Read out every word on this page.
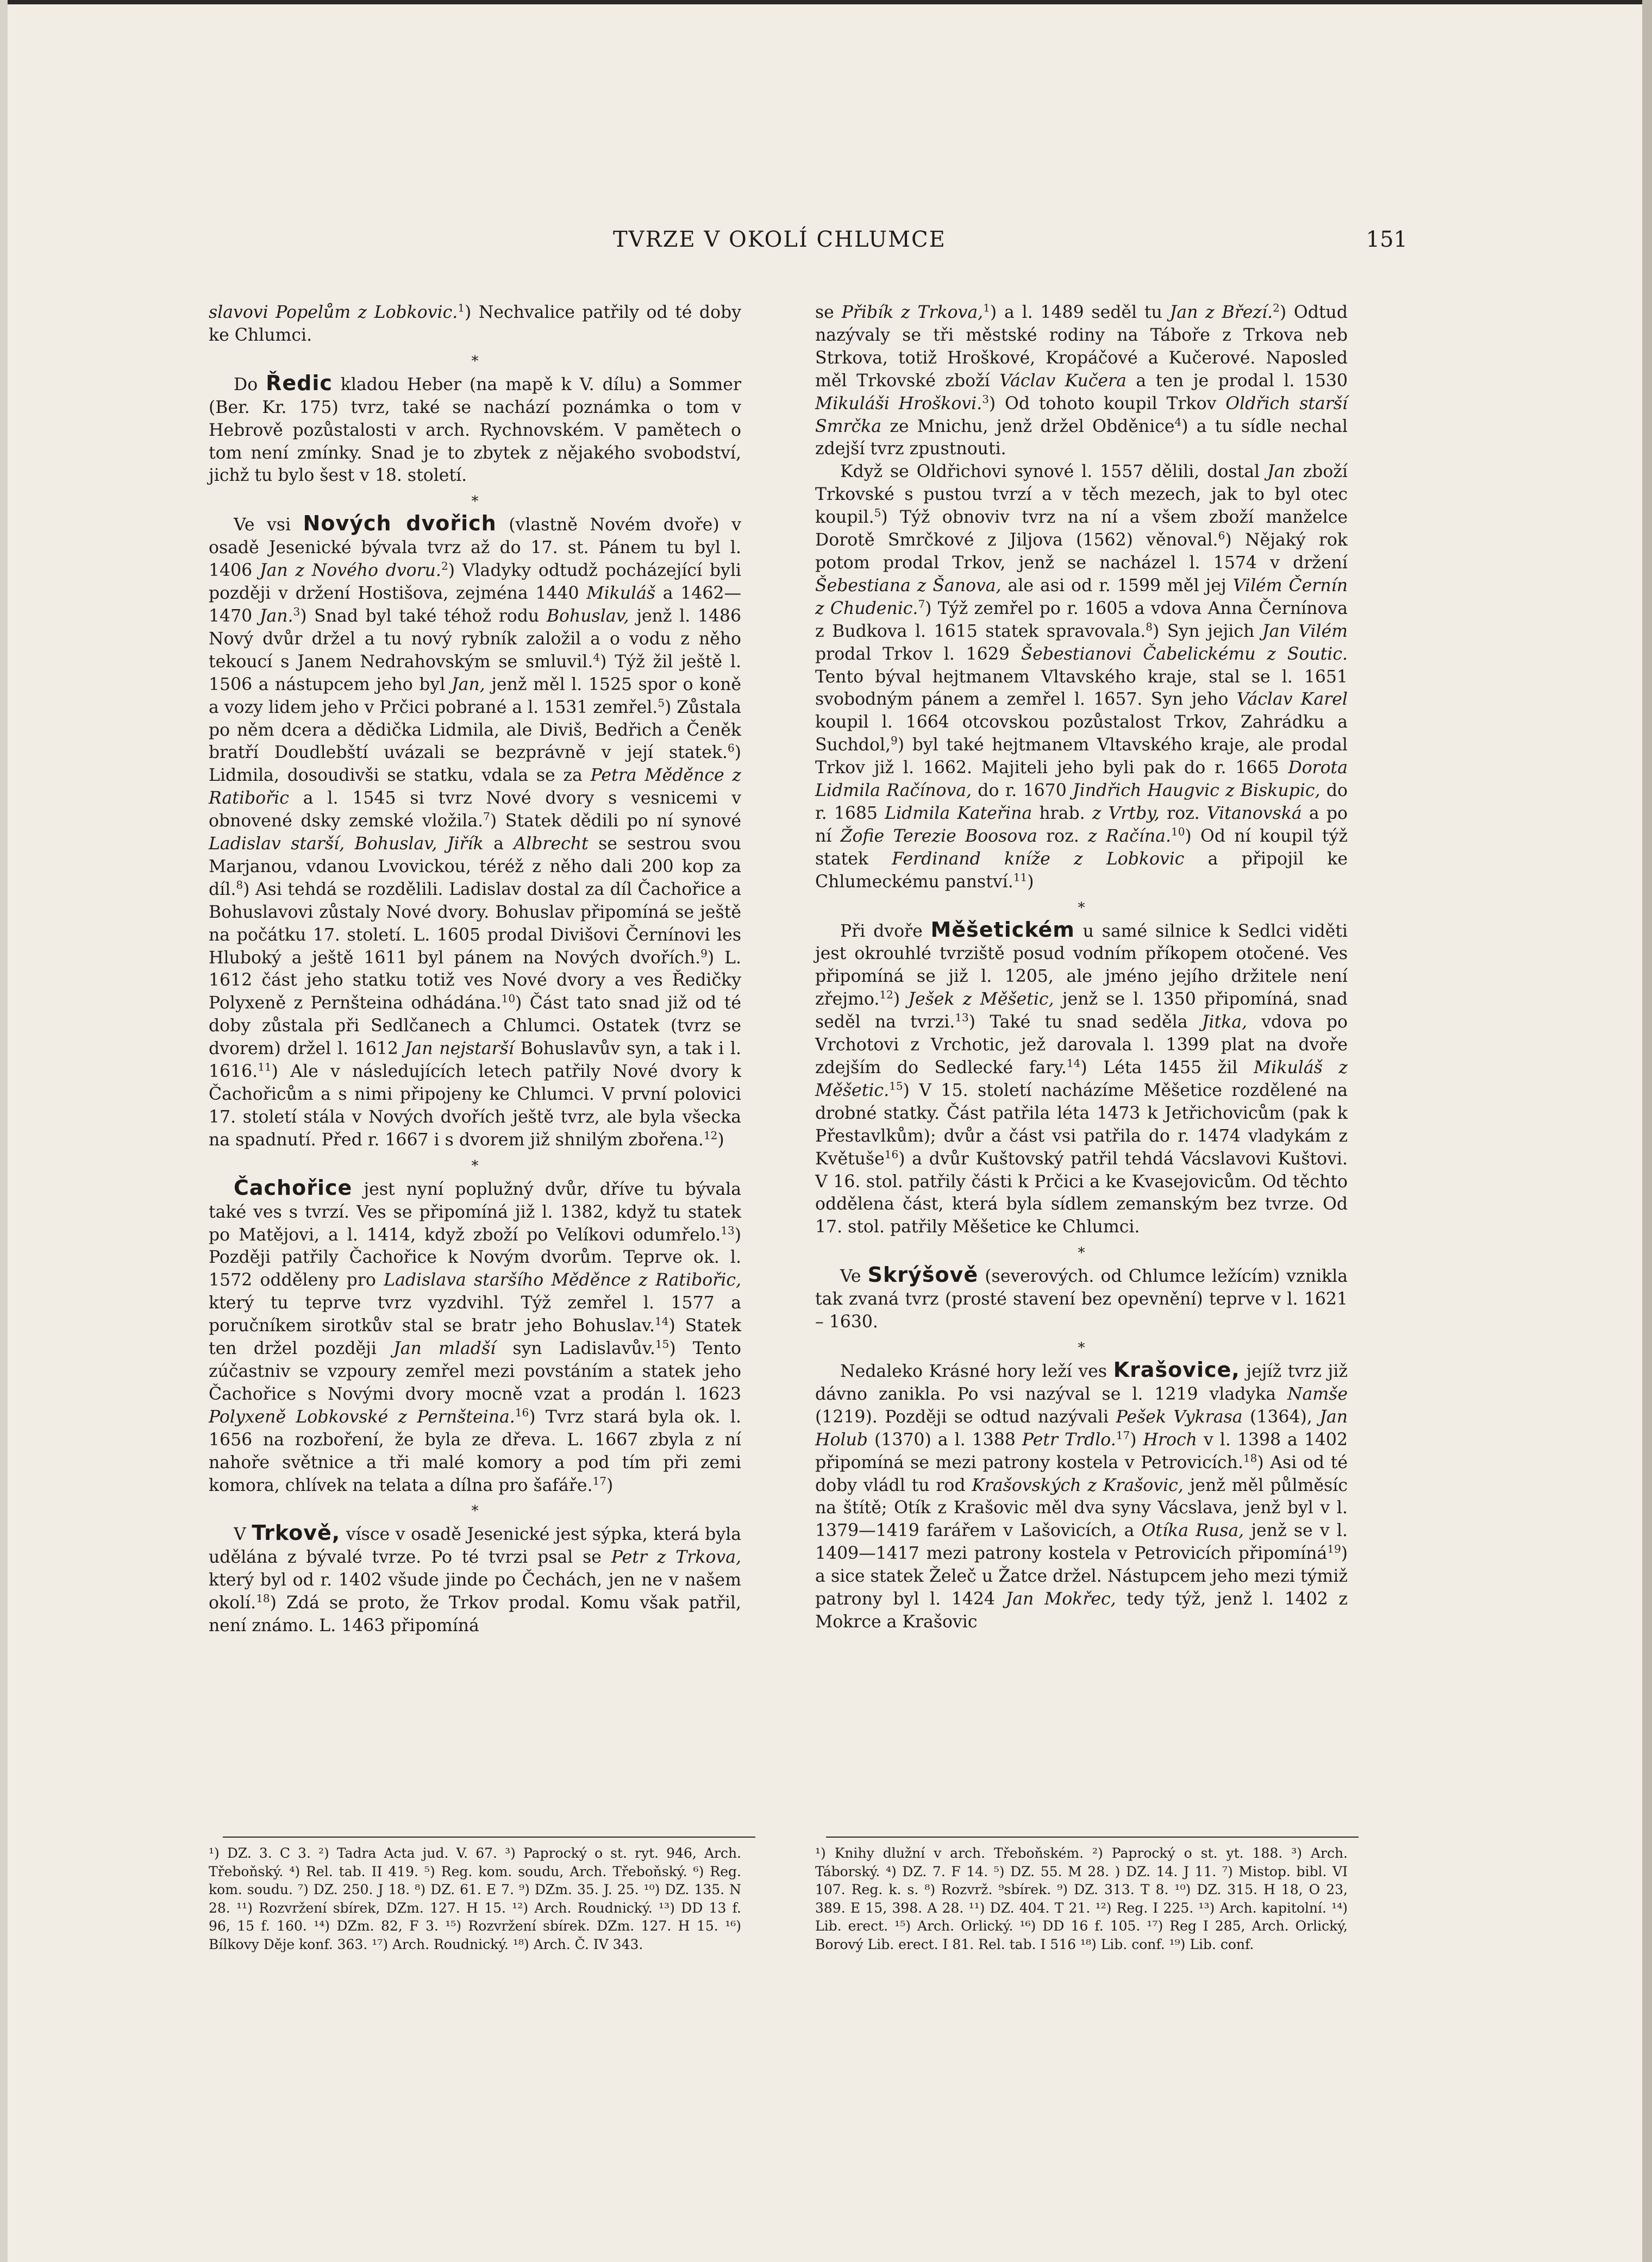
TVRZE V OKOLÍ CHLUMCE	151

slavovi Popelům z Lobkovic.$^1$) Nechvalice patřily od té doby ke Chlumci.

*

Do Ředic kladou Heber (na mapě k V. dílu) a Sommer (Ber. Kr. 175) tvrz, také se nachází poznámka o tom v Hebrově pozůstalosti v arch. Rychnovském. V pamětech o tom není zmínky. Snad je to zbytek z nějakého svobodství, jichž tu bylo šest v 18. století.

*

Ve vsi Nových dvořich (vlastně Novém dvoře) v osadě Jesenické bývala tvrz až do 17. st. Pánem tu byl l. 1406 Jan z Nového dvoru.$^2$) Vladyky odtudž pocházející byli později v držení Hostišova, zejména 1440 Mikuláš a 1462—1470 Jan.$^3$) Snad byl také téhož rodu Bohuslav, jenž l. 1486 Nový dvůr držel a tu nový rybník založil a o vodu z něho tekoucí s Janem Nedrahovským se smluvil.$^4$) Týž žil ještě l. 1506 a nástupcem jeho byl Jan, jenž měl l. 1525 spor o koně a vozy lidem jeho v Prčici pobrané a l. 1531 zemřel.$^5$) Zůstala po něm dcera a dědička Lidmila, ale Diviš, Bedřich a Čeněk bratří Doudlebští uvázali se bezprávně v její statek.$^6$) Lidmila, dosoudivši se statku, vdala se za Petra Měděnce z Ratibořic a l. 1545 si tvrz Nové dvory s vesnicemi v obnovené dsky zemské vložila.$^7$) Statek dědili po ní synové Ladislav starší, Bohuslav, Jiřík a Albrecht se sestrou svou Marjanou, vdanou Lvovickou, téréž z něho dali 200 kop za díl.$^8$) Asi tehdá se rozdělili. Ladislav dostal za díl Čachořice a Bohuslavovi zůstaly Nové dvory. Bohuslav připomíná se ještě na počátku 17. století. L. 1605 prodal Divišovi Černínovi les Hluboký a ještě 1611 byl pánem na Nových dvořích.$^9$) L. 1612 část jeho statku totiž ves Nové dvory a ves Ředičky Polyxeně z Pernšteina odhádána.$^{10}$) Část tato snad již od té doby zůstala při Sedlčanech a Chlumci. Ostatek (tvrz se dvorem) držel l. 1612 Jan nejstarší Bohuslavův syn, a tak i l. 1616.11) Ale v následujících letech patřily Nové dvory k Čachořicům a s nimi připojeny ke Chlumci. V první polovici 17. století stála v Nových dvořích ještě tvrz, ale byla všecka na spadnutí. Před r. 1667 i s dvorem již shnilým zbořena.$^{12}$)

*

Čachořice jest nyní poplužný dvůr, dříve tu bývala také ves s tvrzí. Ves se připomíná již l. 1382, když tu statek po Matějovi, a l. 1414, když zboží po Velíkovi odumřelo.$^{13}$) Později patřily Čachořice k Novým dvorům. Teprve ok. l. 1572 odděleny pro Ladislava staršího Měděnce z Ratibořic, který tu teprve tvrz vyzdvihl. Týž zemřel l. 1577 a poručníkem sirotkův stal se bratr jeho Bohuslav.$^{14}$) Statek ten držel později Jan mladší syn Ladislavův.$^{15}$) Tento zúčastniv se vzpoury zemřel mezi povstáním a statek jeho Čachořice s Novými dvory mocně vzat a prodán l. 1623 Polyxeně Lobkovské z Pernšteina.$^{16}$) Tvrz stará byla ok. l. 1656 na rozboření, že byla ze dřeva. L. 1667 zbyla z ní nahoře světnice a tři malé komory a pod tím při zemi komora, chlívek na telata a dílna pro šafáře.$^{17}$)

*

V Trkově, vísce v osadě Jesenické jest sýpka, která byla udělána z bývalé tvrze. Po té tvrzi psal se Petr z Trkova, který byl od r. 1402 všude jinde po Čechách, jen ne v našem okolí.$^{18}$) Zdá se proto, že Trkov prodal. Komu však patřil, není známo. L. 1463 připomíná

se Přibík z Trkova,$^1$) a l. 1489 seděl tu Jan z Březí.$^2$) Odtud nazývaly se tři městské rodiny na Táboře z Trkova neb Strkova, totiž Hroškové, Kropáčové a Kučerové. Naposled měl Trkovské zboží Václav Kučera a ten je prodal l. 1530 Mikuláši Hroškovi.$^3$) Od tohoto koupil Trkov Oldřich starší Smrčka ze Mnichu, jenž držel Obděnice$^4$) a tu sídle nechal zdejší tvrz zpustnouti.

Když se Oldřichovi synové l. 1557 dělili, dostal Jan zboží Trkovské s pustou tvrzí a v těch mezech, jak to byl otec koupil.$^5$) Týž obnoviv tvrz na ní a všem zboží manželce Dorotě Smrčkové z Jiljova (1562) věnoval.$^6$) Nějaký rok potom prodal Trkov, jenž se nacházel l. 1574 v držení Šebestiana z Šanova, ale asi od r. 1599 měl jej Vilém Černín z Chudenic.$^7$) Týž zemřel po r. 1605 a vdova Anna Černínova z Budkova l. 1615 statek spravovala.$^8$) Syn jejich Jan Vilém prodal Trkov l. 1629 Šebestianovi Čabelickému z Soutic. Tento býval hejtmanem Vltavského kraje, stal se l. 1651 svobodným pánem a zemřel l. 1657. Syn jeho Václav Karel koupil l. 1664 otcovskou pozůstalost Trkov, Zahrádku a Suchdol,$^9$) byl také hejtmanem Vltavského kraje, ale prodal Trkov již l. 1662. Majiteli jeho byli pak do r. 1665 Dorota Lidmila Račínova, do r. 1670 Jindřich Haugvic z Biskupic, do r. 1685 Lidmila Kateřina hrab. z Vrtby, roz. Vitanovská a po ní Žofie Terezie Boosova roz. z Račína.$^{10}$) Od ní koupil týž statek Ferdinand kníže z Lobkovic a připojil ke Chlumeckému panství.$^{11}$)

*

Při dvoře Měšetickém u samé silnice k Sedlci viděti jest okrouhlé tvrziště posud vodním příkopem otočené. Ves připomíná se již l. 1205, ale jméno jejího držitele není zřejmo.$^{12}$) Ješek z Měšetic, jenž se l. 1350 připomíná, snad seděl na tvrzi.$^{13}$) Také tu snad seděla Jitka, vdova po Vrchotovi z Vrchotic, jež darovala l. 1399 plat na dvoře zdejším do Sedlecké fary.$^{14}$) Léta 1455 žil Mikuláš z Měšetic.$^{15}$) V 15. století nacházíme Měšetice rozdělené na drobné statky. Část patřila léta 1473 k Jetřichovicům (pak k Přestavlkům); dvůr a část vsi patřila do r. 1474 vladykám z Květuše$^{16}$) a dvůr Kuštovský patřil tehdá Vácslavovi Kuštovi. V 16. stol. patřily části k Prčici a ke Kvasejovicům. Od těchto oddělena část, která byla sídlem zemanským bez tvrze. Od 17. stol. patřily Měšetice ke Chlumci.

*

Ve Skrýšově (severových. od Chlumce ležícím) vznikla tak zvaná tvrz (prosté stavení bez opevnění) teprve v l. 1621 – 1630.

*

Nedaleko Krásné hory leží ves Krašovice, jejíž tvrz již dávno zanikla. Po vsi nazýval se l. 1219 vladyka Namše (1219). Později se odtud nazývali Pešek Vykrasa (1364), Jan Holub (1370) a l. 1388 Petr Trdlo.$^{17}$) Hroch v l. 1398 a 1402 připomíná se mezi patrony kostela v Petrovicích.$^{18}$) Asi od té doby vládl tu rod Krašovských z Krašovic, jenž měl půlměsíc na štítě; Otík z Krašovic měl dva syny Vácslava, jenž byl v l. 1379—1419 farářem v Lašovicích, a Otíka Rusa, jenž se v l. 1409—1417 mezi patrony kostela v Petrovicích připomíná$^{19}$) a sice statek Želeč u Žatce držel. Nástupcem jeho mezi týmiž patrony byl l. 1424 Jan Mokřec, tedy týž, jenž l. 1402 z Mokrce a Krašovic

¹) DZ. 3. C 3. ²) Tadra Acta jud. V. 67. ³) Paprocký o st. ryt. 946, Arch. Třeboňský. ⁴) Rel. tab. II 419. ⁵) Reg. kom. soudu, Arch. Třeboňský. ⁶) Reg. kom. soudu. ⁷) DZ. 250. J 18. ⁸) DZ. 61. E 7. ⁹) DZm. 35. J. 25. ¹⁰) DZ. 135. N 28. ¹¹) Rozvržení sbírek, DZm. 127. H 15. ¹²) Arch. Roudnický. ¹³) DD 13 f. 96, 15 f. 160. ¹⁴) DZm. 82, F 3. ¹⁵) Rozvržení sbírek. DZm. 127. H 15. ¹⁶) Bílkovy Děje konf. 363. ¹⁷) Arch. Roudnický. ¹⁸) Arch. Č. IV 343.
¹) Knihy dlužní v arch. Třeboňském. ²) Paprocký o st. yt. 188. ³) Arch. Táborský. ⁴) DZ. 7. F 14. ⁵) DZ. 55. M 28. ) DZ. 14. J 11. ⁷) Mistop. bibl. VI 107. Reg. k. s. ⁸) Rozvrž. ⁹sbírek. ⁹) DZ. 313. T 8. ¹⁰) DZ. 315. H 18, O 23, 389. E 15, 398. A 28. ¹¹) DZ. 404. T 21. ¹²) Reg. I 225. ¹³) Arch. kapitolní. ¹⁴) Lib. erect. ¹⁵) Arch. Orlický. ¹⁶) DD 16 f. 105. ¹⁷) Reg I 285, Arch. Orlický, Borový Lib. erect. I 81. Rel. tab. I 516 ¹⁸) Lib. conf. ¹⁹) Lib. conf.
